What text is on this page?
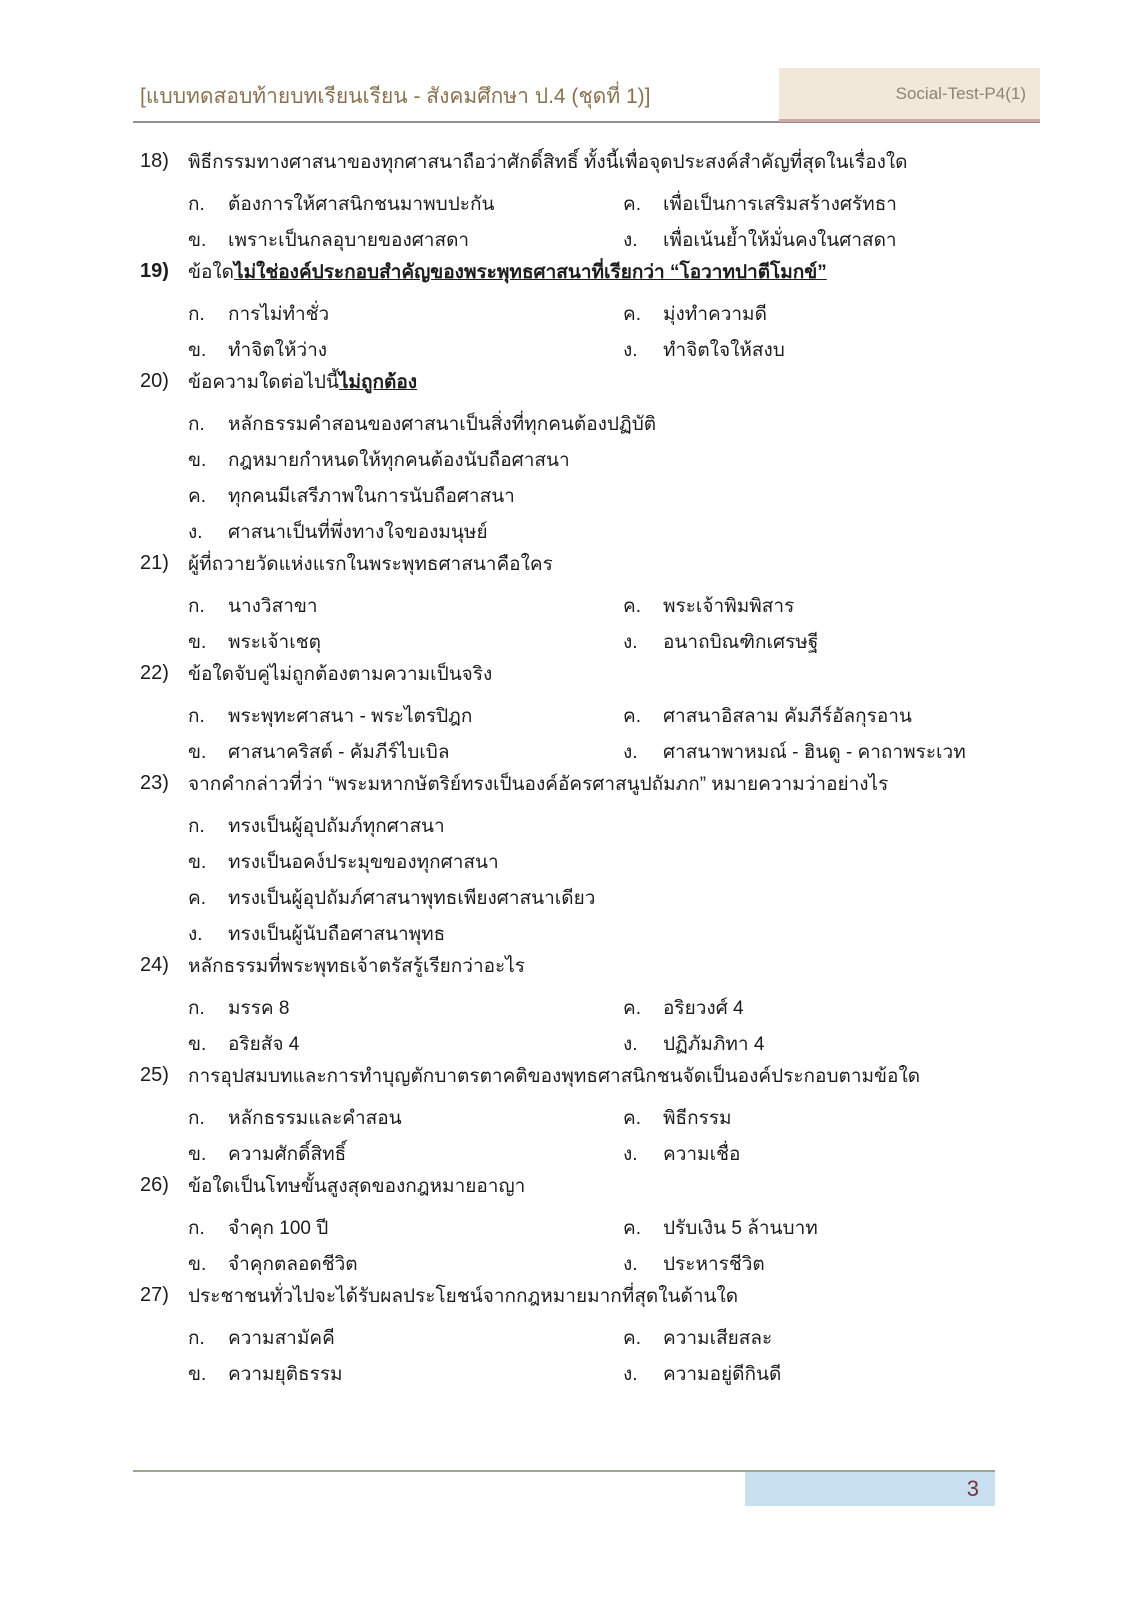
[แบบทดสอบท้ายบทเรียนเรียน - สังคมศึกษา ป.4 (ชุดที่ 1)]	Social-Test-P4(1)
18)	พิธีกรรมทางศาสนาของทุกศาสนาถือว่าศักดิ์สิทธิ์ ทั้งนี้เพื่อจุดประสงค์สำคัญที่สุดในเรื่องใด
ก.	ต้องการให้ศาสนิกชนมาพบปะกัน
ข.	เพราะเป็นกลอุบายของศาสดา
ค.	เพื่อเป็นการเสริมสร้างศรัทธา
ง.	เพื่อเน้นย้ำให้มั่นคงในศาสดา
19)	ข้อใดไม่ใช่องค์ประกอบสำคัญของพระพุทธศาสนาที่เรียกว่า “โอวาทปาตีโมกข์”
ก.	การไม่ทำชั่ว
ข.	ทำจิตให้ว่าง
ค.	มุ่งทำความดี
ง.	ทำจิตใจให้สงบ
20)	ข้อความใดต่อไปนี้ไม่ถูกต้อง
ก.	หลักธรรมคำสอนของศาสนาเป็นสิ่งที่ทุกคนต้องปฏิบัติ
ข.	กฎหมายกำหนดให้ทุกคนต้องนับถือศาสนา
ค.	ทุกคนมีเสรีภาพในการนับถือศาสนา
ง.	ศาสนาเป็นที่พึ่งทางใจของมนุษย์
21)	ผู้ที่ถวายวัดแห่งแรกในพระพุทธศาสนาคือใคร
ก.	นางวิสาขา
ข.	พระเจ้าเชตุ
ค.	พระเจ้าพิมพิสาร
ง.	อนาถบิณฑิกเศรษฐี
22)	ข้อใดจับคู่ไม่ถูกต้องตามความเป็นจริง
ก.	พระพุทะศาสนา - พระไตรปิฎก
ข.	ศาสนาคริสต์ - คัมภีร์ไบเบิล
ค.	ศาสนาอิสลาม คัมภีร์อัลกุรอาน
ง.	ศาสนาพาหมณ์ - ฮินดู - คาถาพระเวท
23)	จากคำกล่าวที่ว่า “พระมหากษัตริย์ทรงเป็นองค์อัครศาสนูปถัมภก” หมายความว่าอย่างไร
ก.	ทรงเป็นผู้อุปถัมภ์ทุกศาสนา
ข.	ทรงเป็นอคง์ประมุขของทุกศาสนา
ค.	ทรงเป็นผู้อุปถัมภ์ศาสนาพุทธเพียงศาสนาเดียว
ง.	ทรงเป็นผู้นับถือศาสนาพุทธ
24)	หลักธรรมที่พระพุทธเจ้าตรัสรู้เรียกว่าอะไร
ก.	มรรค 8
ข.	อริยสัจ 4
ค.	อริยวงศ์ 4
ง.	ปฏิภัมภิทา 4
25)	การอุปสมบทและการทำบุญตักบาตรตาคติของพุทธศาสนิกชนจัดเป็นองค์ประกอบตามข้อใด
ก.	หลักธรรมและคำสอน
ข.	ความศักดิ์สิทธิ์
ค.	พิธีกรรม
ง.	ความเชื่อ
26)	ข้อใดเป็นโทษขั้นสูงสุดของกฎหมายอาญา
ก.	จำคุก 100 ปี
ข.	จำคุกตลอดชีวิต
ค.	ปรับเงิน 5 ล้านบาท
ง.	ประหารชีวิต
27)	ประชาชนทั่วไปจะได้รับผลประโยชน์จากกฎหมายมากที่สุดในด้านใด
ก.	ความสามัคคี
ข.	ความยุติธรรม
ค.	ความเสียสละ
ง.	ความอยู่ดีกินดี
3
